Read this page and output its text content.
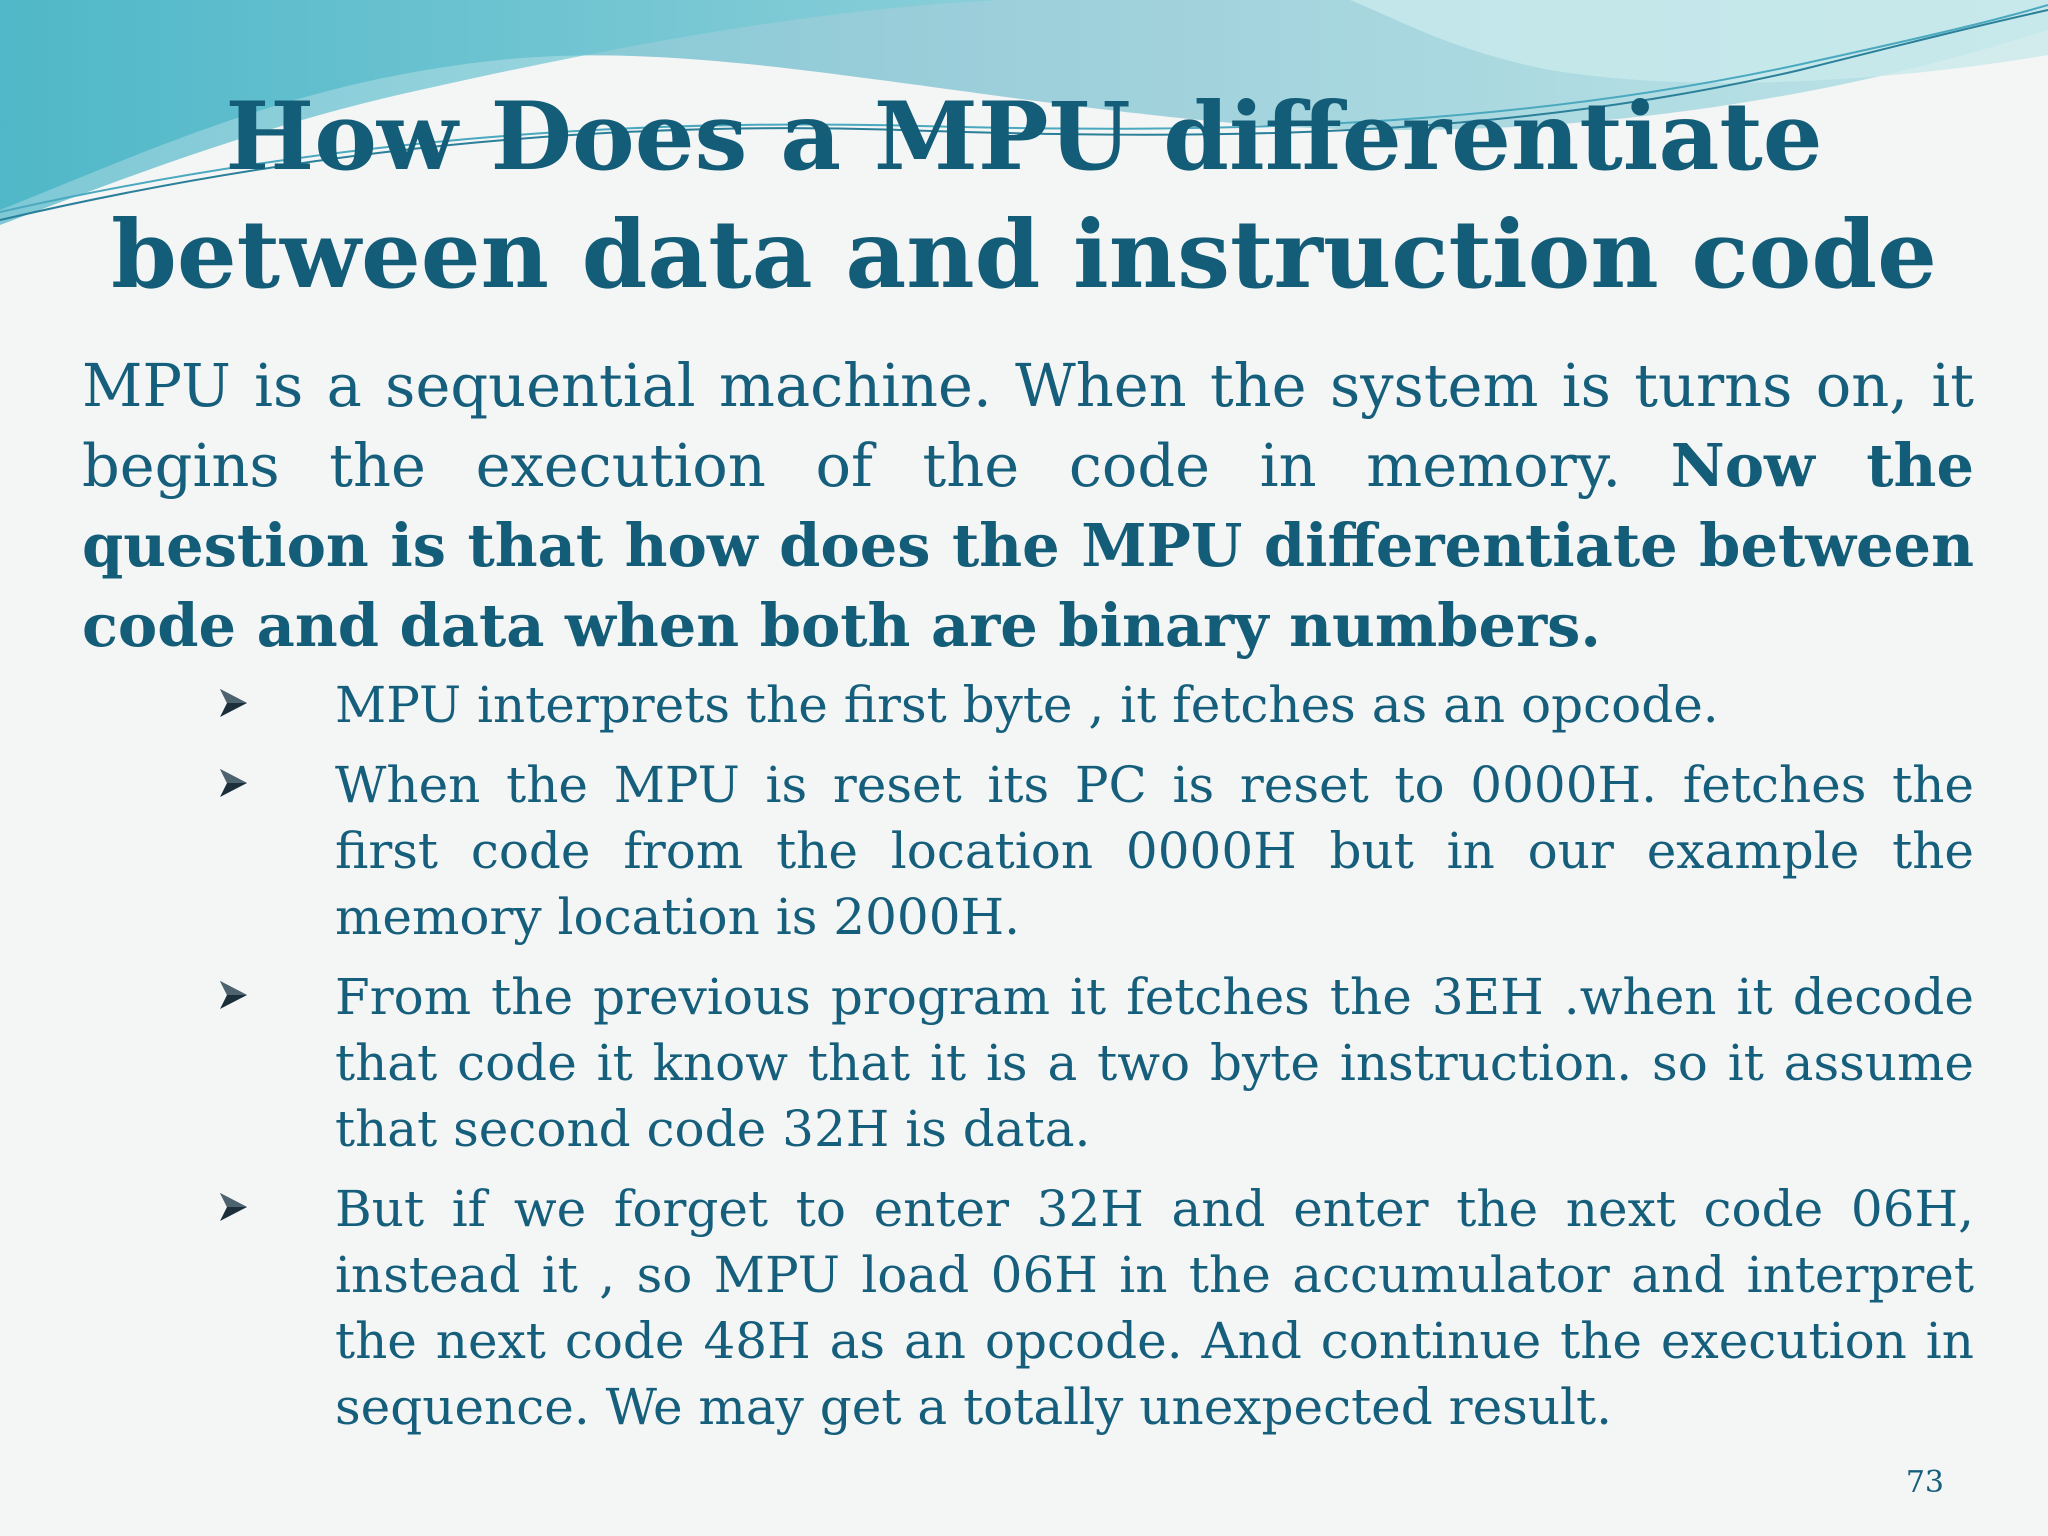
How Does a MPU differentiate
between data and instruction code

MPU is a sequential machine. When the system is turns on, it begins the execution of the code in memory. Now the question is that how does the MPU differentiate between code and data when both are binary numbers.

MPU interprets the first byte , it fetches as an opcode.
When the MPU is reset its PC is reset to 0000H. fetches the first code from the location 0000H but in our example the memory location is 2000H.
From the previous program it fetches the 3EH .when it decode that code it know that it is a two byte instruction. so it assume that second code 32H is data.
But if we forget to enter 32H and enter the next code 06H, instead it , so MPU load 06H in the accumulator and interpret the next code 48H as an opcode. And continue the execution in sequence. We may get a totally unexpected result.
73
